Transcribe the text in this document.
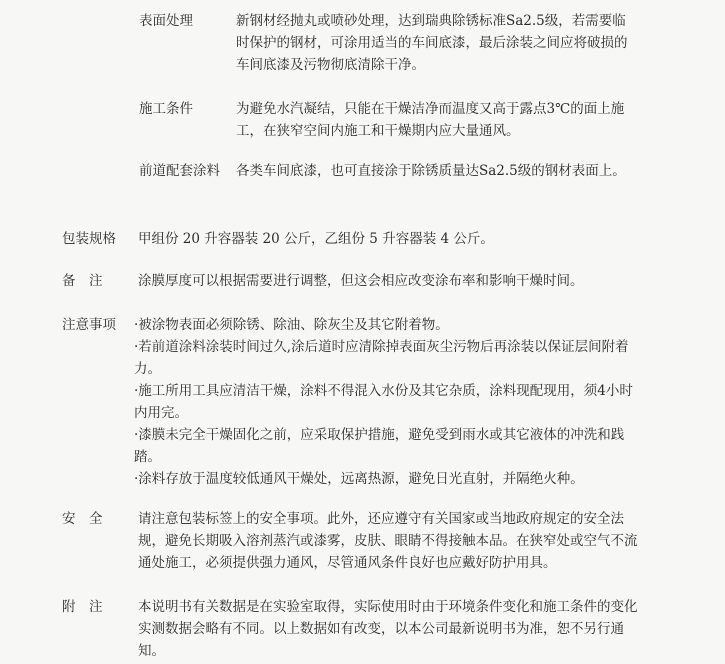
表面处理	新钢材经抛丸或喷砂处理，达到瑞典除锈标准Sa2.5级，若需要临时保护的钢材，可涂用适当的车间底漆，最后涂装之间应将破损的车间底漆及污物彻底清除干净。
施工条件	为避免水汽凝结，只能在干燥洁净而温度又高于露点3℃的面上施工，在狭窄空间内施工和干燥期内应大量通风。
前道配套涂料 各类车间底漆，也可直接涂于除锈质量达Sa2.5级的钢材表面上。
包装规格 甲组份 20 升容器装 20 公斤，乙组份 5 升容器装 4 公斤。
备　注	涂膜厚度可以根据需要进行调整，但这会相应改变涂布率和影响干燥时间。
注意事项 ·被涂物表面必须除锈、除油、除灰尘及其它附着物。
·若前道涂料涂装时间过久,涂后道时应清除掉表面灰尘污物后再涂装以保证层间附着力。
·施工所用工具应清洁干燥，涂料不得混入水份及其它杂质，涂料现配现用，须4小时内用完。
·漆膜未完全干燥固化之前，应采取保护措施，避免受到雨水或其它液体的冲洗和践踏。
·涂料存放于温度较低通风干燥处，远离热源，避免日光直射，并隔绝火种。
安　全	请注意包装标签上的安全事项。此外，还应遵守有关国家或当地政府规定的安全法规，避免长期吸入溶剂蒸汽或漆雾，皮肤、眼睛不得接触本品。在狭窄处或空气不流通处施工，必须提供强力通风，尽管通风条件良好也应戴好防护用具。
附　注	本说明书有关数据是在实验室取得，实际使用时由于环境条件变化和施工条件的变化实测数据会略有不同。以上数据如有改变，以本公司最新说明书为准，恕不另行通知。
